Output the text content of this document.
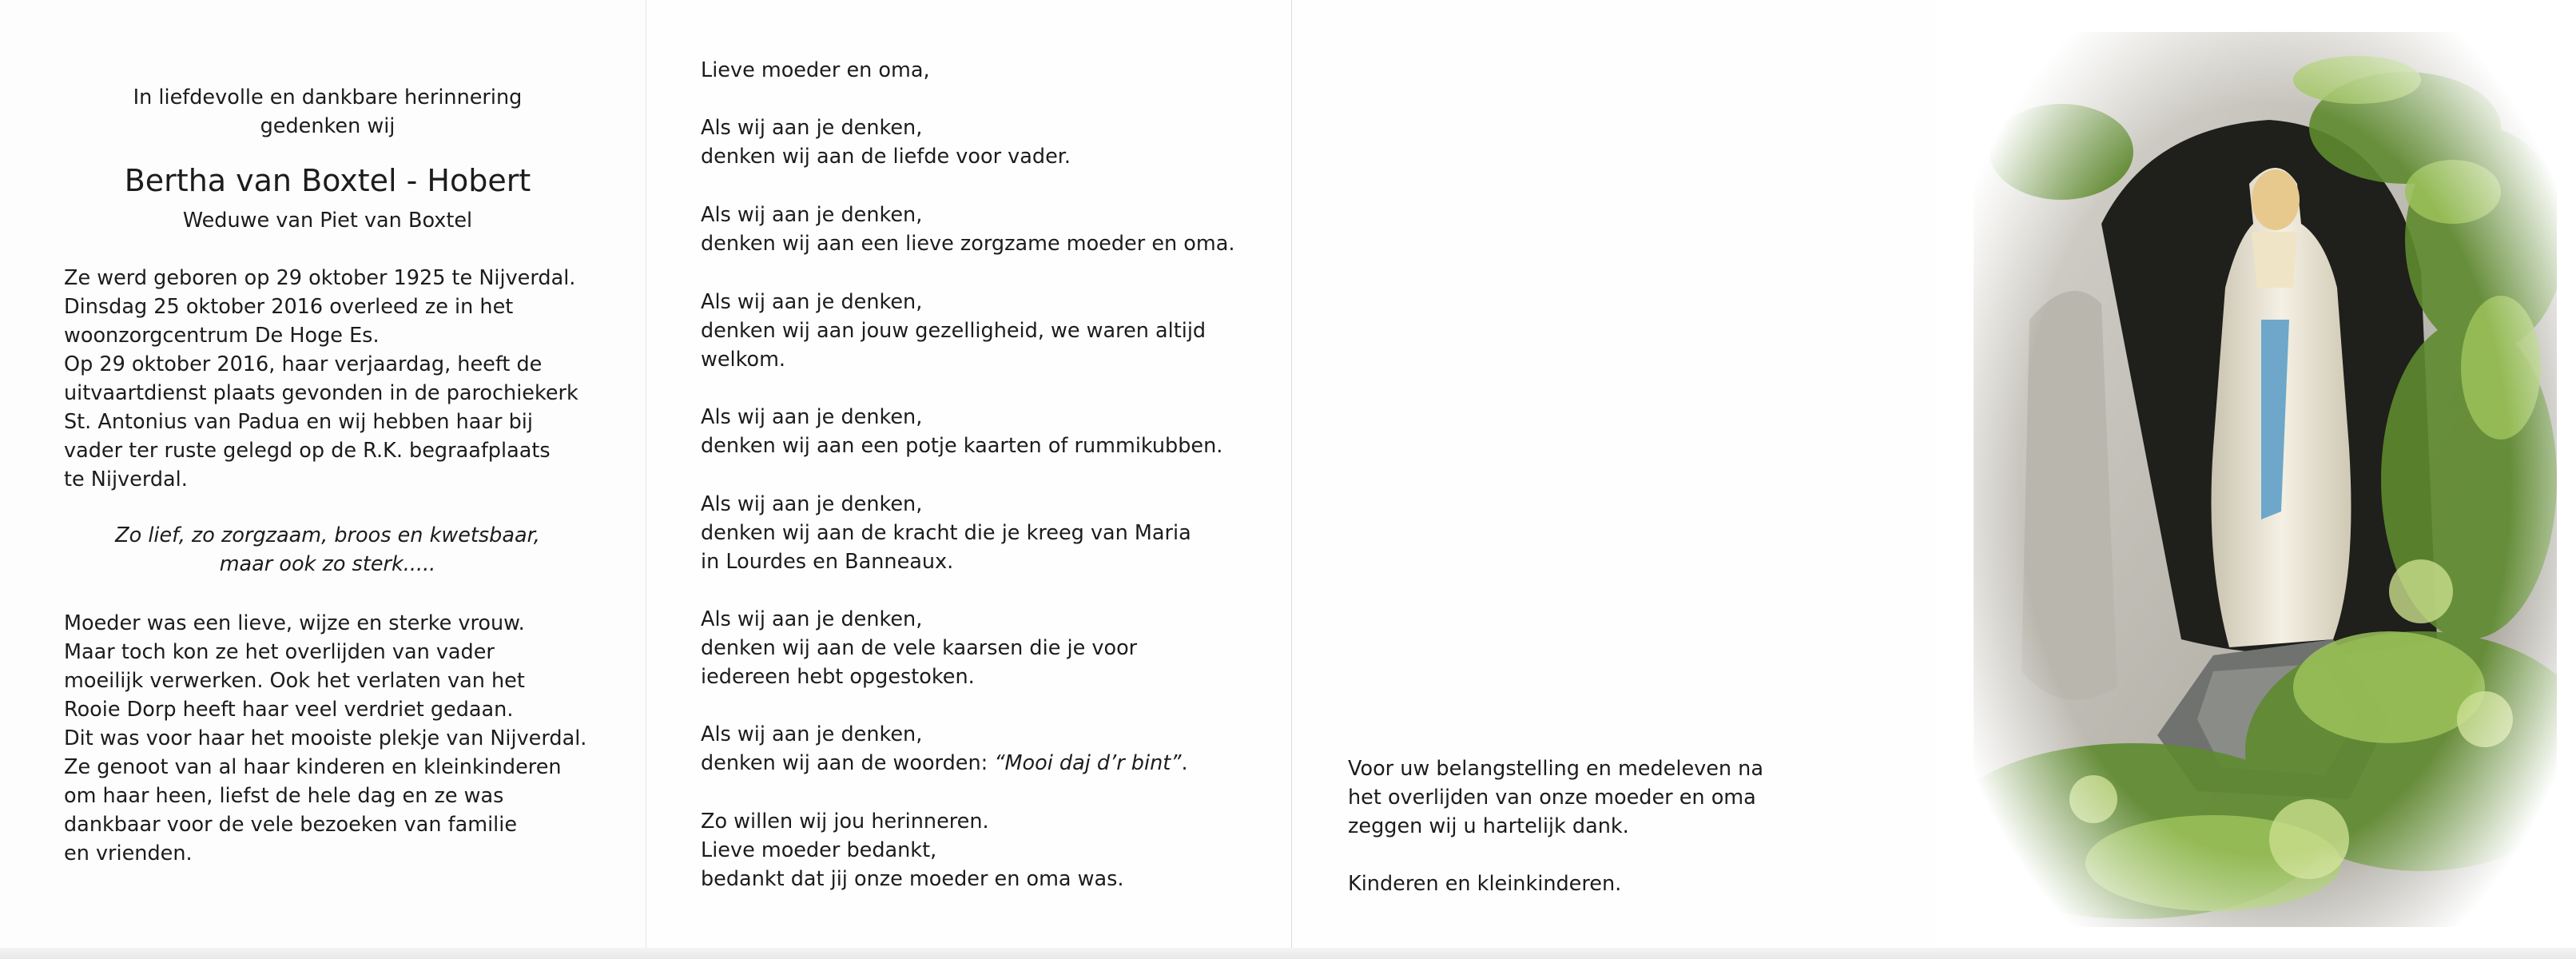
In liefdevolle en dankbare herinnering
gedenken wij
Bertha van Boxtel - Hobert
Weduwe van Piet van Boxtel
Ze werd geboren op 29 oktober 1925 te Nijverdal.
Dinsdag 25 oktober 2016 overleed ze in het
woonzorgcentrum De Hoge Es.
Op 29 oktober 2016, haar verjaardag, heeft de
uitvaartdienst plaats gevonden in de parochiekerk
St. Antonius van Padua en wij hebben haar bij
vader ter ruste gelegd op de R.K. begraafplaats
te Nijverdal.
Zo lief, zo zorgzaam, broos en kwetsbaar,
maar ook zo sterk.....
Moeder was een lieve, wijze en sterke vrouw.
Maar toch kon ze het overlijden van vader
moeilijk verwerken. Ook het verlaten van het
Rooie Dorp heeft haar veel verdriet gedaan.
Dit was voor haar het mooiste plekje van Nijverdal.
Ze genoot van al haar kinderen en kleinkinderen
om haar heen, liefst de hele dag en ze was
dankbaar voor de vele bezoeken van familie
en vrienden.
Lieve moeder en oma,
Als wij aan je denken,
denken wij aan de liefde voor vader.
Als wij aan je denken,
denken wij aan een lieve zorgzame moeder en oma.
Als wij aan je denken,
denken wij aan jouw gezelligheid, we waren altijd
welkom.
Als wij aan je denken,
denken wij aan een potje kaarten of rummikubben.
Als wij aan je denken,
denken wij aan de kracht die je kreeg van Maria
in Lourdes en Banneaux.
Als wij aan je denken,
denken wij aan de vele kaarsen die je voor
iedereen hebt opgestoken.
Als wij aan je denken,
denken wij aan de woorden: “Mooi daj d’r bint”.
Zo willen wij jou herinneren.
Lieve moeder bedankt,
bedankt dat jij onze moeder en oma was.
Voor uw belangstelling en medeleven na
het overlijden van onze moeder en oma
zeggen wij u hartelijk dank.
Kinderen en kleinkinderen.
